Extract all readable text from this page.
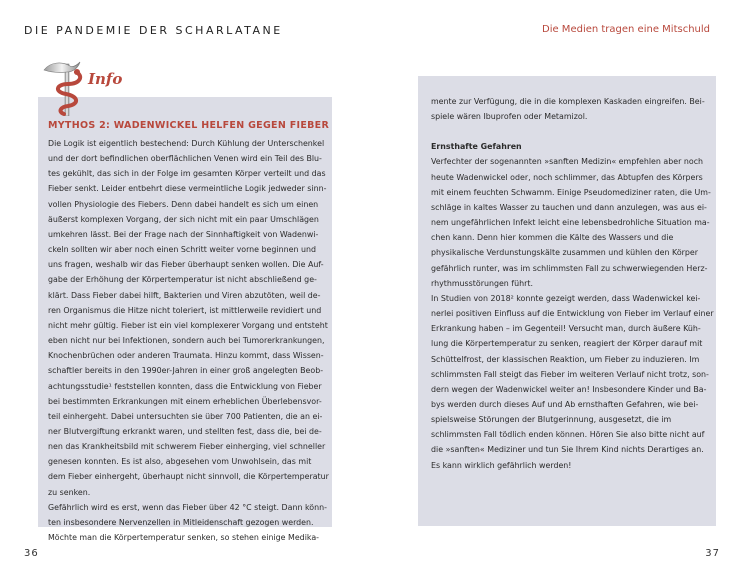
DIE PANDEMIE DER SCHARLATANE	Die Medien tragen eine Mitschuld
Info
MYTHOS 2: WADENWICKEL HELFEN GEGEN FIEBER
Die Logik ist eigentlich bestechend: Durch Kühlung der Unterschenkel
und der dort befindlichen oberflächlichen Venen wird ein Teil des Blu-
tes gekühlt, das sich in der Folge im gesamten Körper verteilt und das
Fieber senkt. Leider entbehrt diese vermeintliche Logik jedweder sinn-
vollen Physiologie des Fiebers. Denn dabei handelt es sich um einen
äußerst komplexen Vorgang, der sich nicht mit ein paar Umschlägen
umkehren lässt. Bei der Frage nach der Sinnhaftigkeit von Wadenwi-
ckeln sollten wir aber noch einen Schritt weiter vorne beginnen und
uns fragen, weshalb wir das Fieber überhaupt senken wollen. Die Auf-
gabe der Erhöhung der Körpertemperatur ist nicht abschließend ge-
klärt. Dass Fieber dabei hilft, Bakterien und Viren abzutöten, weil de-
ren Organismus die Hitze nicht toleriert, ist mittlerweile revidiert und
nicht mehr gültig. Fieber ist ein viel komplexerer Vorgang und entsteht
eben nicht nur bei Infektionen, sondern auch bei Tumorerkrankungen,
Knochenbrüchen oder anderen Traumata. Hinzu kommt, dass Wissen-
schaftler bereits in den 1990er-Jahren in einer groß angelegten Beob-
achtungsstudie¹ feststellen konnten, dass die Entwicklung von Fieber
bei bestimmten Erkrankungen mit einem erheblichen Überlebensvor-
teil einhergeht. Dabei untersuchten sie über 700 Patienten, die an ei-
ner Blutvergiftung erkrankt waren, und stellten fest, dass die, bei de-
nen das Krankheitsbild mit schwerem Fieber einherging, viel schneller
genesen konnten. Es ist also, abgesehen vom Unwohlsein, das mit
dem Fieber einhergeht, überhaupt nicht sinnvoll, die Körpertemperatur
zu senken.
Gefährlich wird es erst, wenn das Fieber über 42 °C steigt. Dann könn-
ten insbesondere Nervenzellen in Mitleidenschaft gezogen werden.
Möchte man die Körpertemperatur senken, so stehen einige Medika-
mente zur Verfügung, die in die komplexen Kaskaden eingreifen. Bei-
spiele wären Ibuprofen oder Metamizol.
Ernsthafte Gefahren
Verfechter der sogenannten »sanften Medizin« empfehlen aber noch
heute Wadenwickel oder, noch schlimmer, das Abtupfen des Körpers
mit einem feuchten Schwamm. Einige Pseudomediziner raten, die Um-
schläge in kaltes Wasser zu tauchen und dann anzulegen, was aus ei-
nem ungefährlichen Infekt leicht eine lebensbedrohliche Situation ma-
chen kann. Denn hier kommen die Kälte des Wassers und die
physikalische Verdunstungskälte zusammen und kühlen den Körper
gefährlich runter, was im schlimmsten Fall zu schwerwiegenden Herz-
rhythmusstörungen führt.
In Studien von 2018² konnte gezeigt werden, dass Wadenwickel kei-
nerlei positiven Einfluss auf die Entwicklung von Fieber im Verlauf einer
Erkrankung haben – im Gegenteil! Versucht man, durch äußere Küh-
lung die Körpertemperatur zu senken, reagiert der Körper darauf mit
Schüttelfrost, der klassischen Reaktion, um Fieber zu induzieren. Im
schlimmsten Fall steigt das Fieber im weiteren Verlauf nicht trotz, son-
dern wegen der Wadenwickel weiter an! Insbesondere Kinder und Ba-
bys werden durch dieses Auf und Ab ernsthaften Gefahren, wie bei-
spielsweise Störungen der Blutgerinnung, ausgesetzt, die im
schlimmsten Fall tödlich enden können. Hören Sie also bitte nicht auf
die »sanften« Mediziner und tun Sie Ihrem Kind nichts Derartiges an.
Es kann wirklich gefährlich werden!
36	37
